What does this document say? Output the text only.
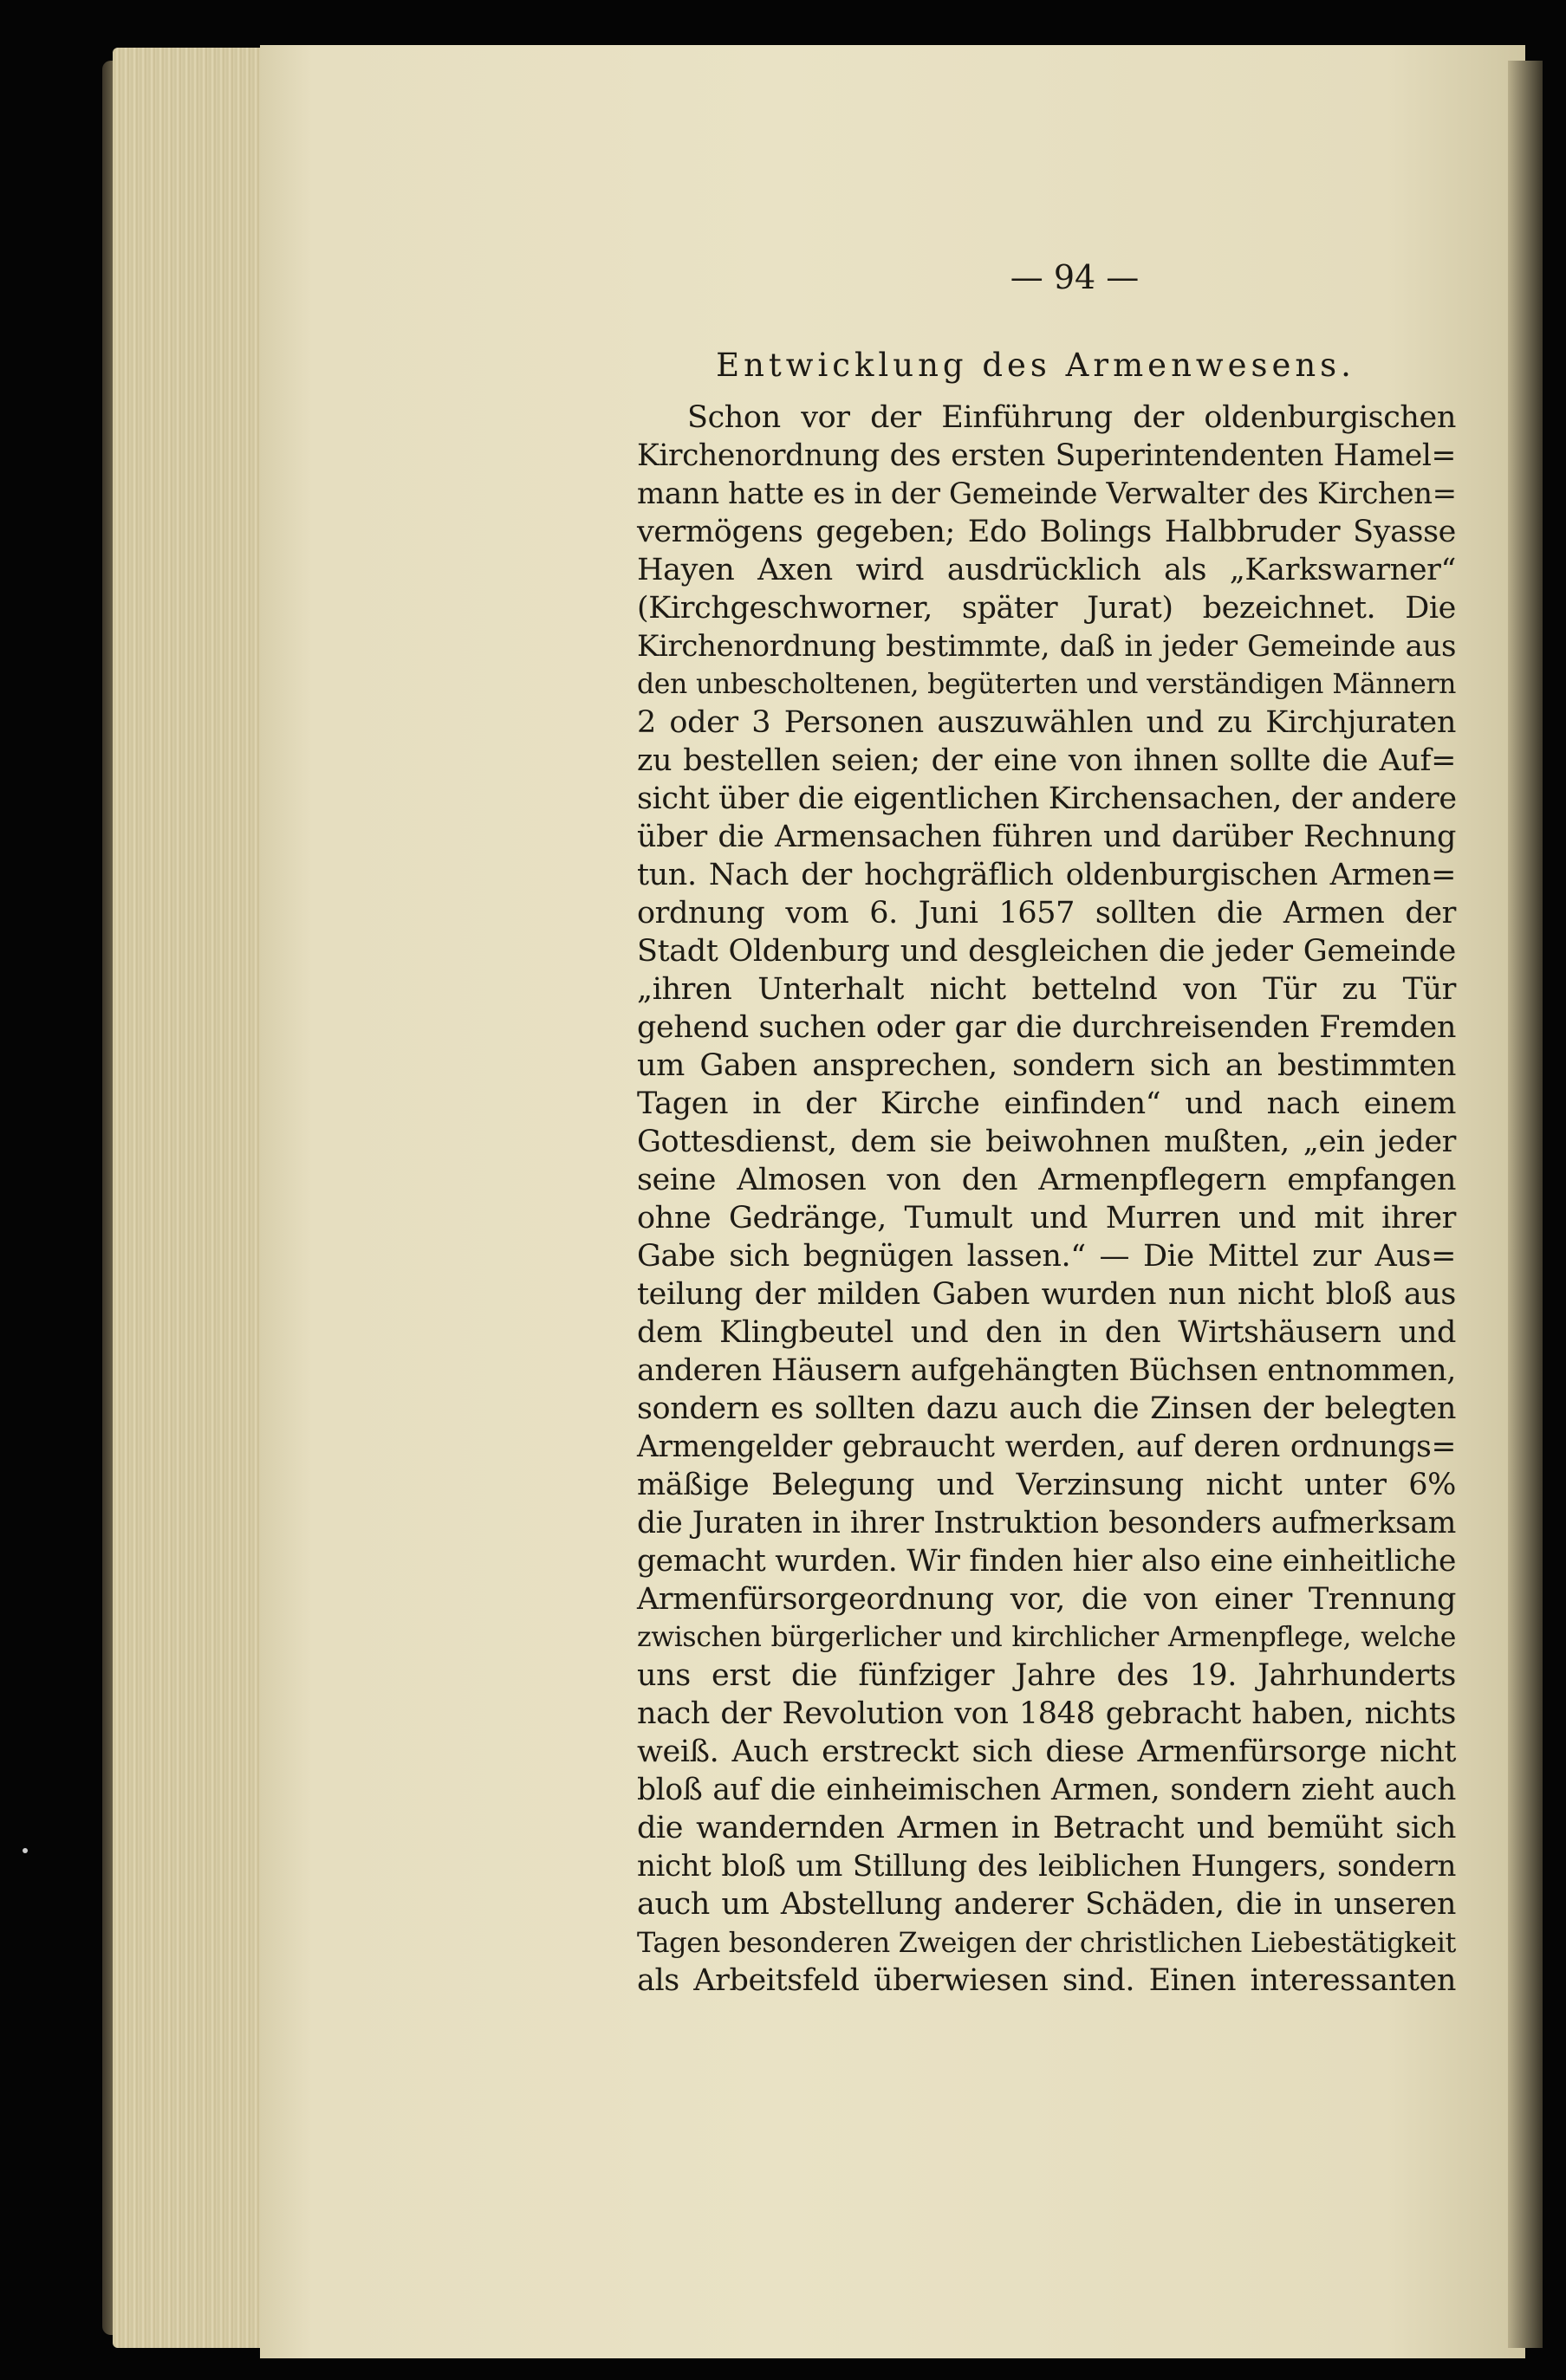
— 94 —
Entwicklung des Armenwesens.
Schon vor der Einführung der oldenburgischen
Kirchenordnung des ersten Superintendenten Hamel=
mann hatte es in der Gemeinde Verwalter des Kirchen=
vermögens gegeben; Edo Bolings Halbbruder Syasse
Hayen Axen wird ausdrücklich als „Karkswarner“
(Kirchgeschworner, später Jurat) bezeichnet. Die
Kirchenordnung bestimmte, daß in jeder Gemeinde aus
den unbescholtenen, begüterten und verständigen Männern
2 oder 3 Personen auszuwählen und zu Kirchjuraten
zu bestellen seien; der eine von ihnen sollte die Auf=
sicht über die eigentlichen Kirchensachen, der andere
über die Armensachen führen und darüber Rechnung
tun. Nach der hochgräflich oldenburgischen Armen=
ordnung vom 6. Juni 1657 sollten die Armen der
Stadt Oldenburg und desgleichen die jeder Gemeinde
„ihren Unterhalt nicht bettelnd von Tür zu Tür
gehend suchen oder gar die durchreisenden Fremden
um Gaben ansprechen, sondern sich an bestimmten
Tagen in der Kirche einfinden“ und nach einem
Gottesdienst, dem sie beiwohnen mußten, „ein jeder
seine Almosen von den Armenpflegern empfangen
ohne Gedränge, Tumult und Murren und mit ihrer
Gabe sich begnügen lassen.“ — Die Mittel zur Aus=
teilung der milden Gaben wurden nun nicht bloß aus
dem Klingbeutel und den in den Wirtshäusern und
anderen Häusern aufgehängten Büchsen entnommen,
sondern es sollten dazu auch die Zinsen der belegten
Armengelder gebraucht werden, auf deren ordnungs=
mäßige Belegung und Verzinsung nicht unter 6%
die Juraten in ihrer Instruktion besonders aufmerksam
gemacht wurden. Wir finden hier also eine einheitliche
Armenfürsorgeordnung vor, die von einer Trennung
zwischen bürgerlicher und kirchlicher Armenpflege, welche
uns erst die fünfziger Jahre des 19. Jahrhunderts
nach der Revolution von 1848 gebracht haben, nichts
weiß. Auch erstreckt sich diese Armenfürsorge nicht
bloß auf die einheimischen Armen, sondern zieht auch
die wandernden Armen in Betracht und bemüht sich
nicht bloß um Stillung des leiblichen Hungers, sondern
auch um Abstellung anderer Schäden, die in unseren
Tagen besonderen Zweigen der christlichen Liebestätigkeit
als Arbeitsfeld überwiesen sind. Einen interessanten
